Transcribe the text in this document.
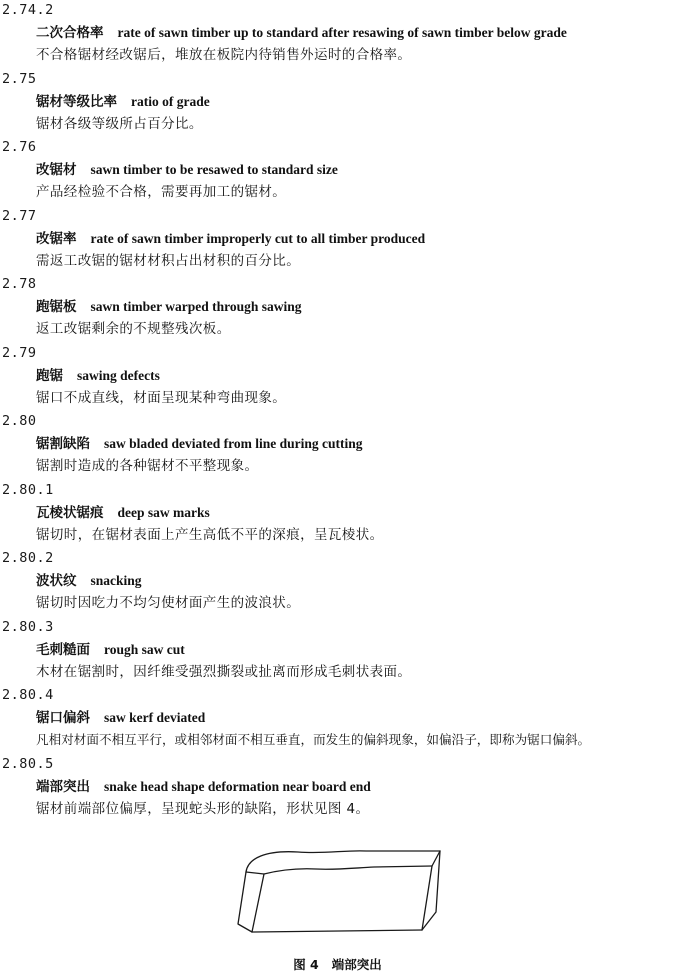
2.74.2
二次合格率 rate of sawn timber up to standard after resawing of sawn timber below grade
不合格锯材经改锯后，堆放在板院内待销售外运时的合格率。
2.75
锯材等级比率 ratio of grade
锯材各级等级所占百分比。
2.76
改锯材 sawn timber to be resawed to standard size
产品经检验不合格，需要再加工的锯材。
2.77
改锯率 rate of sawn timber improperly cut to all timber produced
需返工改锯的锯材材积占出材积的百分比。
2.78
跑锯板 sawn timber warped through sawing
返工改锯剩余的不规整残次板。
2.79
跑锯 sawing defects
锯口不成直线，材面呈现某种弯曲现象。
2.80
锯割缺陷 saw bladed deviated from line during cutting
锯割时造成的各种锯材不平整现象。
2.80.1
瓦棱状锯痕 deep saw marks
锯切时，在锯材表面上产生高低不平的深痕，呈瓦棱状。
2.80.2
波状纹 snacking
锯切时因吃力不均匀使材面产生的波浪状。
2.80.3
毛刺糙面 rough saw cut
木材在锯割时，因纤维受强烈撕裂或扯离而形成毛刺状表面。
2.80.4
锯口偏斜 saw kerf deviated
凡相对材面不相互平行，或相邻材面不相互垂直，而发生的偏斜现象，如偏沿子，即称为锯口偏斜。
2.80.5
端部突出 snake head shape deformation near board end
锯材前端部位偏厚，呈现蛇头形的缺陷，形状见图 4。
图 4   端部突出
